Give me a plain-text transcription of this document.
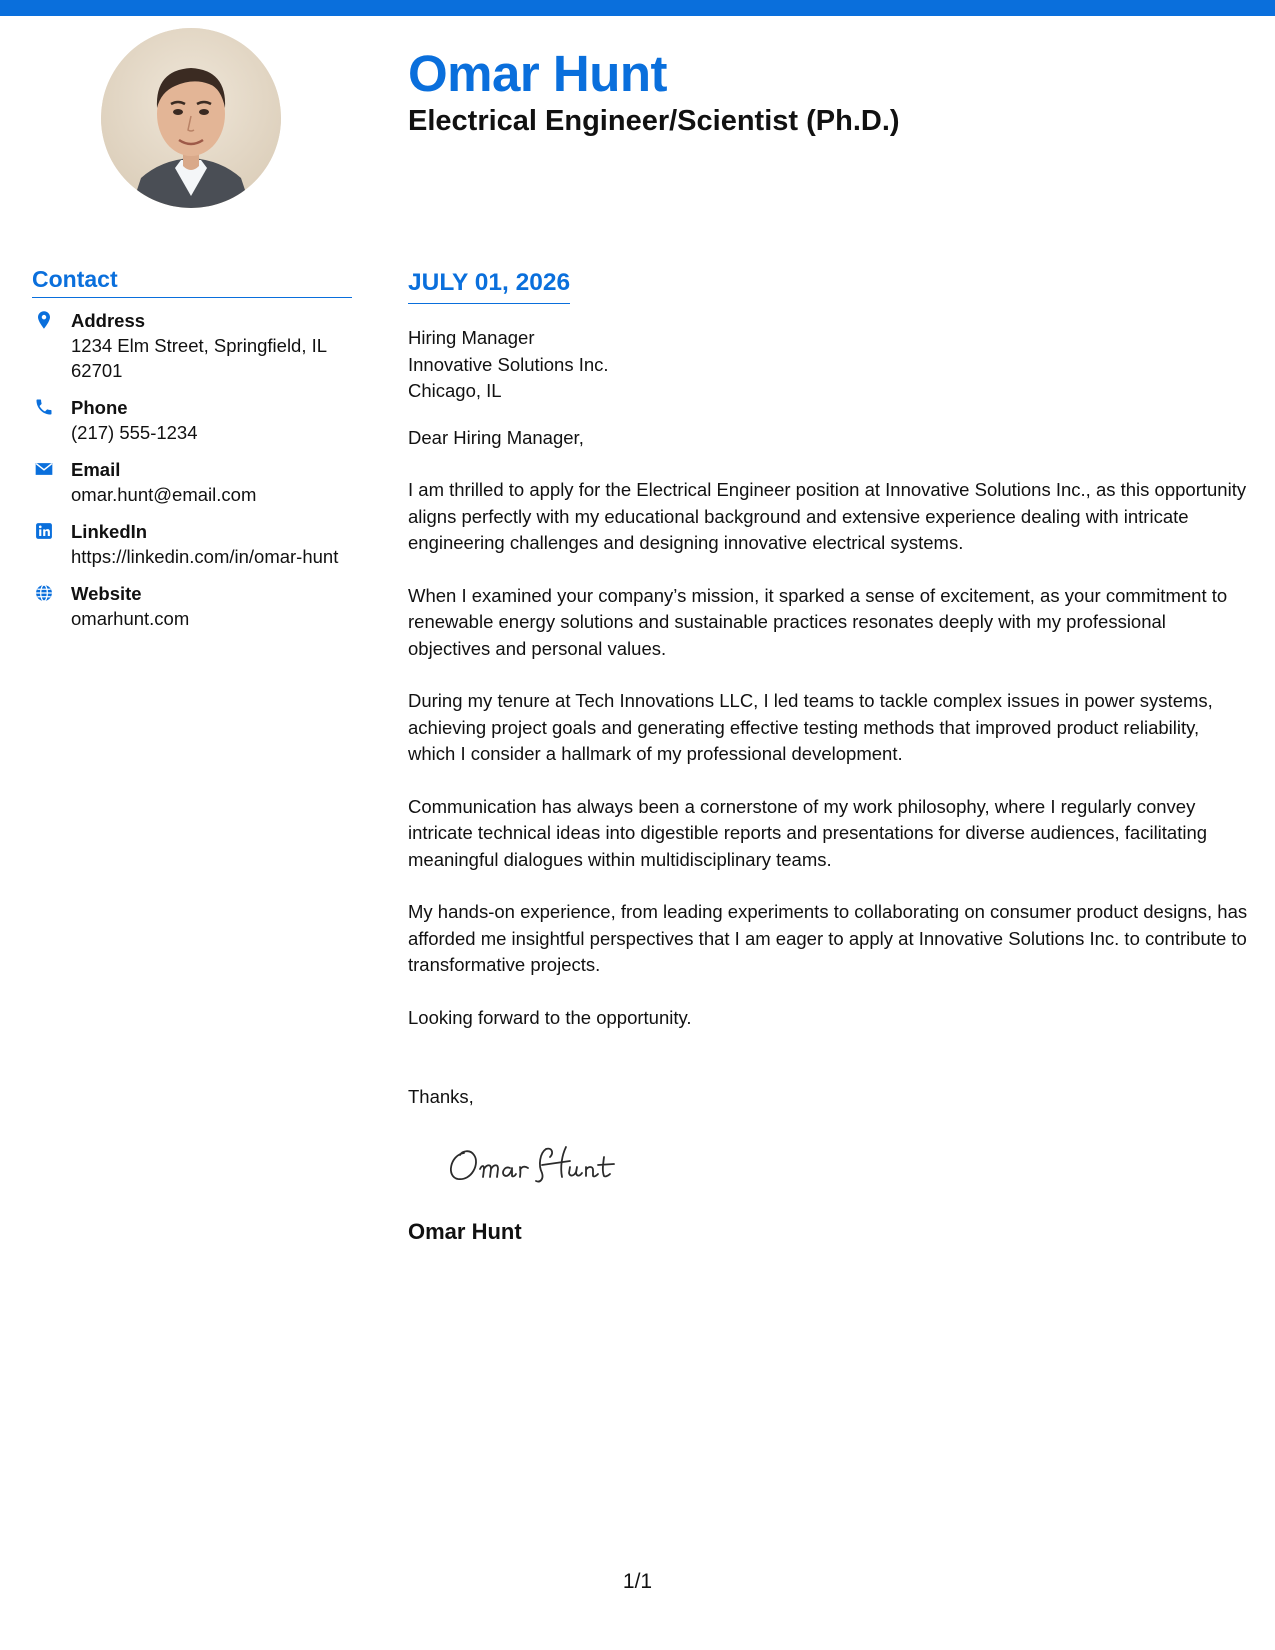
Omar Hunt
Electrical Engineer/Scientist (Ph.D.)
Contact
Address
1234 Elm Street, Springfield, IL 62701
Phone
(217) 555-1234
Email
omar.hunt@email.com
LinkedIn
https://linkedin.com/in/omar-hunt
Website
omarhunt.com
JULY 01, 2026
Hiring Manager
Innovative Solutions Inc.
Chicago, IL
Dear Hiring Manager,

I am thrilled to apply for the Electrical Engineer position at Innovative Solutions Inc., as this opportunity aligns perfectly with my educational background and extensive experience dealing with intricate engineering challenges and designing innovative electrical systems.

When I examined your company’s mission, it sparked a sense of excitement, as your commitment to renewable energy solutions and sustainable practices resonates deeply with my professional objectives and personal values.

During my tenure at Tech Innovations LLC, I led teams to tackle complex issues in power systems, achieving project goals and generating effective testing methods that improved product reliability, which I consider a hallmark of my professional development.

Communication has always been a cornerstone of my work philosophy, where I regularly convey intricate technical ideas into digestible reports and presentations for diverse audiences, facilitating meaningful dialogues within multidisciplinary teams.

My hands-on experience, from leading experiments to collaborating on consumer product designs, has afforded me insightful perspectives that I am eager to apply at Innovative Solutions Inc. to contribute to transformative projects.

Looking forward to the opportunity.

Thanks,
Omar Hunt
1/1
